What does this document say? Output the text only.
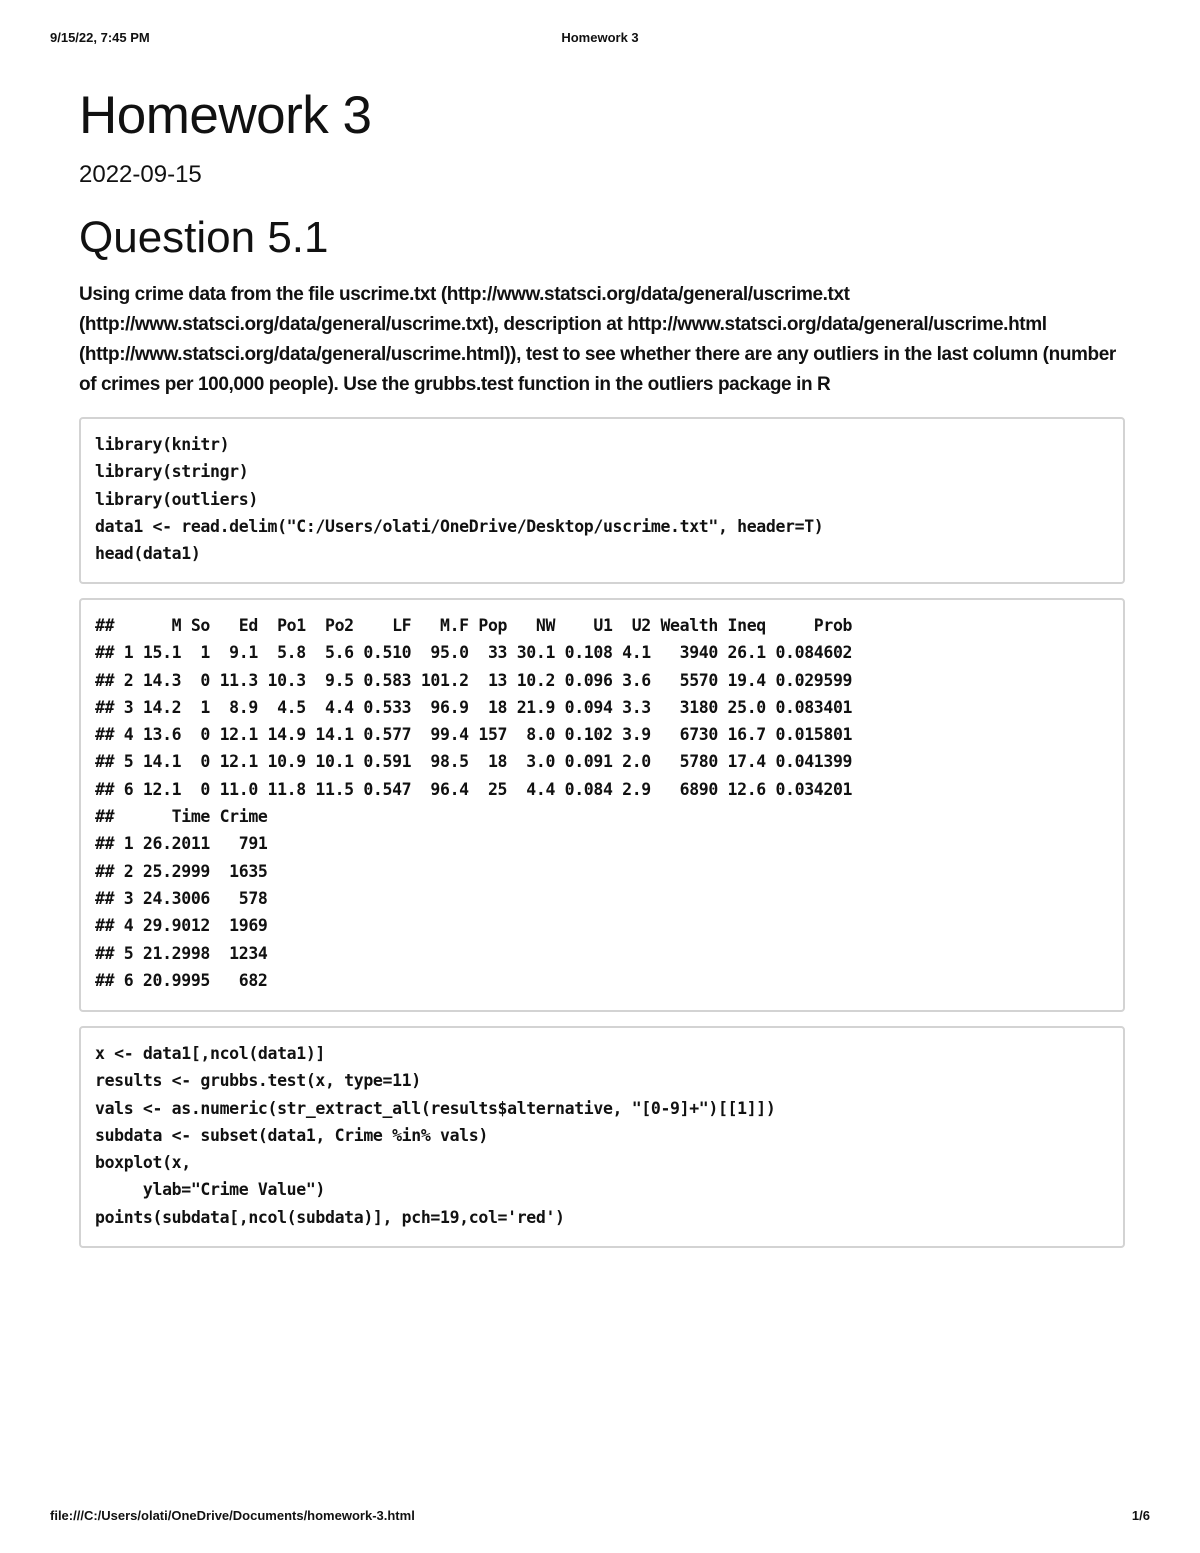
9/15/22, 7:45 PM	Homework 3
Homework 3
2022-09-15
Question 5.1

Using crime data from the file uscrime.txt (http://www.statsci.org/data/general/uscrime.txt (http://www.statsci.org/data/general/uscrime.txt), description at http://www.statsci.org/data/general/uscrime.html (http://www.statsci.org/data/general/uscrime.html)), test to see whether there are any outliers in the last column (number of crimes per 100,000 people). Use the grubbs.test function in the outliers package in R

library(knitr)
library(stringr)
library(outliers)
data1 <- read.delim("C:/Users/olati/OneDrive/Desktop/uscrime.txt", header=T)
head(data1)
##      M So   Ed  Po1  Po2    LF   M.F Pop   NW    U1  U2 Wealth Ineq     Prob
## 1 15.1  1  9.1  5.8  5.6 0.510  95.0  33 30.1 0.108 4.1   3940 26.1 0.084602
## 2 14.3  0 11.3 10.3  9.5 0.583 101.2  13 10.2 0.096 3.6   5570 19.4 0.029599
## 3 14.2  1  8.9  4.5  4.4 0.533  96.9  18 21.9 0.094 3.3   3180 25.0 0.083401
## 4 13.6  0 12.1 14.9 14.1 0.577  99.4 157  8.0 0.102 3.9   6730 16.7 0.015801
## 5 14.1  0 12.1 10.9 10.1 0.591  98.5  18  3.0 0.091 2.0   5780 17.4 0.041399
## 6 12.1  0 11.0 11.8 11.5 0.547  96.4  25  4.4 0.084 2.9   6890 12.6 0.034201
##      Time Crime
## 1 26.2011   791
## 2 25.2999  1635
## 3 24.3006   578
## 4 29.9012  1969
## 5 21.2998  1234
## 6 20.9995   682
x <- data1[,ncol(data1)]
results <- grubbs.test(x, type=11)
vals <- as.numeric(str_extract_all(results$alternative, "[0-9]+")[[1]])
subdata <- subset(data1, Crime %in% vals)
boxplot(x,
ylab="Crime Value")
points(subdata[,ncol(subdata)], pch=19,col='red')
file:///C:/Users/olati/OneDrive/Documents/homework-3.html	1/6
